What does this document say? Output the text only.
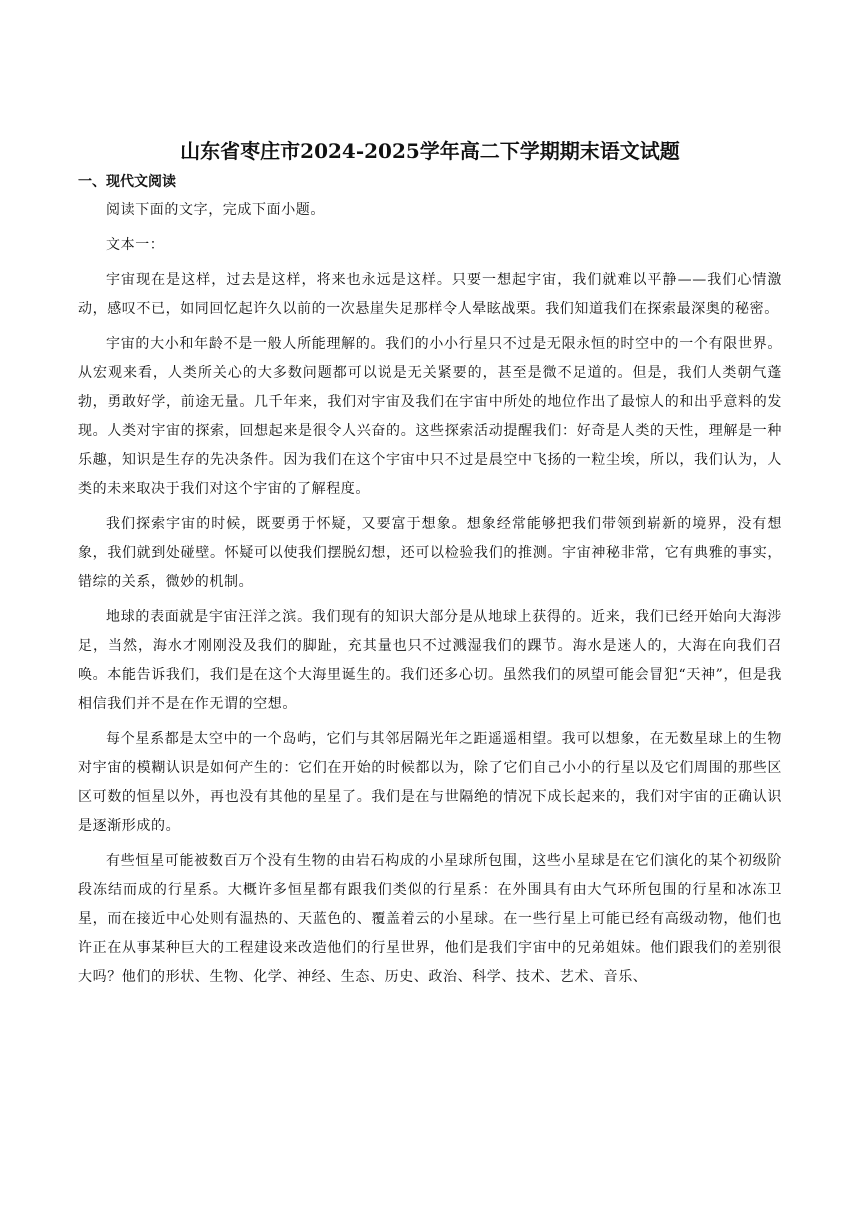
山东省枣庄市2024-2025学年高二下学期期末语文试题
一、现代文阅读

阅读下面的文字，完成下面小题。

文本一：

宇宙现在是这样，过去是这样，将来也永远是这样。只要一想起宇宙，我们就难以平静——我们心情激动，感叹不已，如同回忆起许久以前的一次悬崖失足那样令人晕眩战栗。我们知道我们在探索最深奥的秘密。

宇宙的大小和年龄不是一般人所能理解的。我们的小小行星只不过是无限永恒的时空中的一个有限世界。从宏观来看，人类所关心的大多数问题都可以说是无关紧要的，甚至是微不足道的。但是，我们人类朝气蓬勃，勇敢好学，前途无量。几千年来，我们对宇宙及我们在宇宙中所处的地位作出了最惊人的和出乎意料的发现。人类对宇宙的探索，回想起来是很令人兴奋的。这些探索活动提醒我们：好奇是人类的天性，理解是一种乐趣，知识是生存的先决条件。因为我们在这个宇宙中只不过是晨空中飞扬的一粒尘埃，所以，我们认为，人类的未来取决于我们对这个宇宙的了解程度。

我们探索宇宙的时候，既要勇于怀疑，又要富于想象。想象经常能够把我们带领到崭新的境界，没有想象，我们就到处碰壁。怀疑可以使我们摆脱幻想，还可以检验我们的推测。宇宙神秘非常，它有典雅的事实，错综的关系，微妙的机制。

地球的表面就是宇宙汪洋之滨。我们现有的知识大部分是从地球上获得的。近来，我们已经开始向大海涉足，当然，海水才刚刚没及我们的脚趾，充其量也只不过溅湿我们的踝节。海水是迷人的，大海在向我们召唤。本能告诉我们，我们是在这个大海里诞生的。我们还多心切。虽然我们的夙望可能会冒犯“天神”，但是我相信我们并不是在作无谓的空想。

每个星系都是太空中的一个岛屿，它们与其邻居隔光年之距遥遥相望。我可以想象，在无数星球上的生物对宇宙的模糊认识是如何产生的：它们在开始的时候都以为，除了它们自己小小的行星以及它们周围的那些区区可数的恒星以外，再也没有其他的星星了。我们是在与世隔绝的情况下成长起来的，我们对宇宙的正确认识是逐渐形成的。

有些恒星可能被数百万个没有生物的由岩石构成的小星球所包围，这些小星球是在它们演化的某个初级阶段冻结而成的行星系。大概许多恒星都有跟我们类似的行星系：在外围具有由大气环所包围的行星和冰冻卫星，而在接近中心处则有温热的、天蓝色的、覆盖着云的小星球。在一些行星上可能已经有高级动物，他们也许正在从事某种巨大的工程建设来改造他们的行星世界，他们是我们宇宙中的兄弟姐妹。他们跟我们的差别很大吗？他们的形状、生物、化学、神经、生态、历史、政治、科学、技术、艺术、音乐、
